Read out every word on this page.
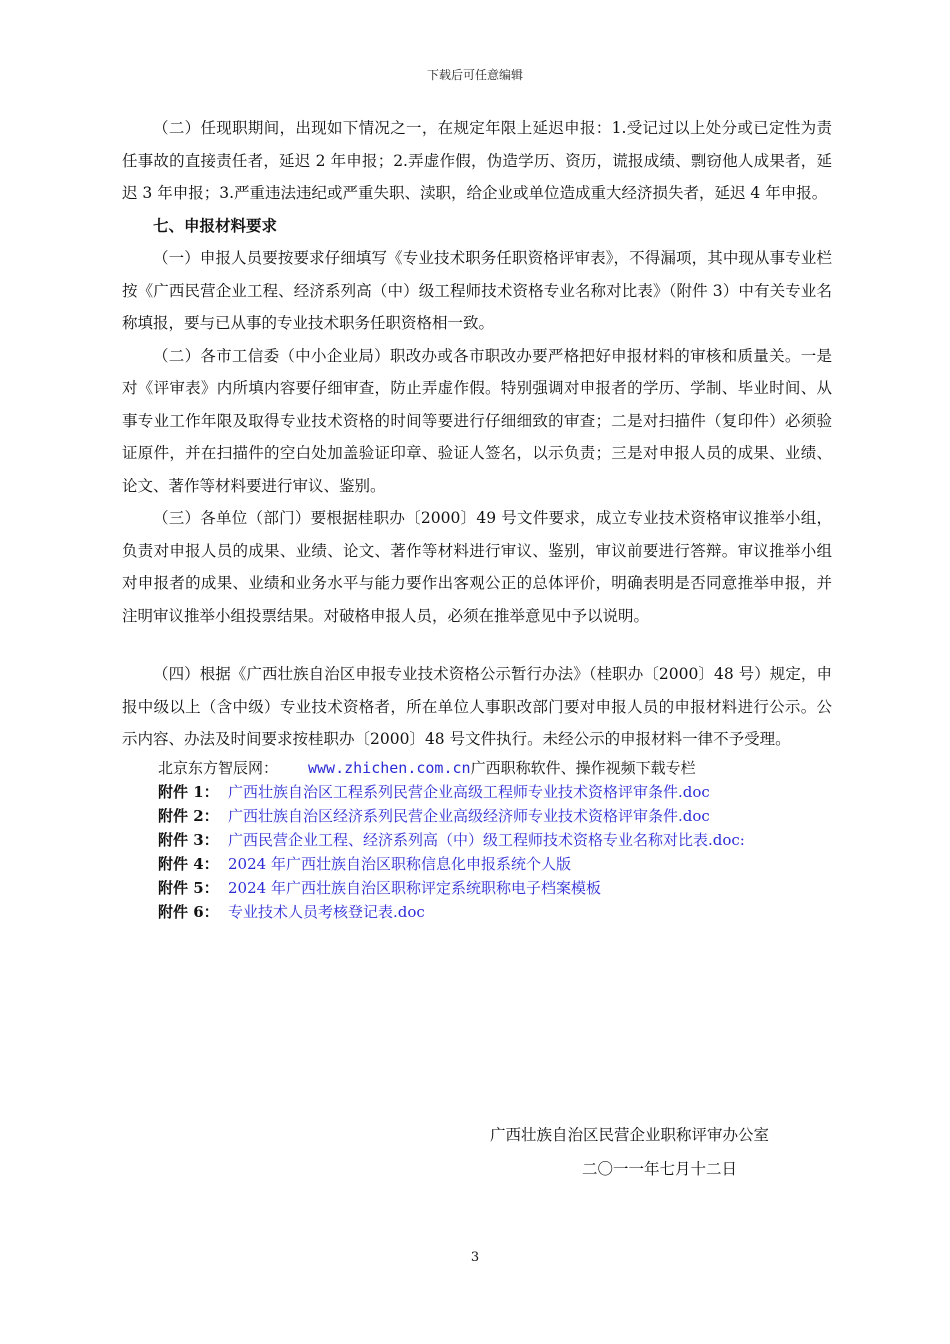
下载后可任意编辑

（二）任现职期间，出现如下情况之一，在规定年限上延迟申报：1.受记过以上处分或已定性为责任事故的直接责任者，延迟 2 年申报；2.弄虚作假，伪造学历、资历，谎报成绩、剽窃他人成果者，延迟 3 年申报；3.严重违法违纪或严重失职、渎职，给企业或单位造成重大经济损失者，延迟 4 年申报。

七、申报材料要求

（一）申报人员要按要求仔细填写《专业技术职务任职资格评审表》，不得漏项，其中现从事专业栏按《广西民营企业工程、经济系列高（中）级工程师技术资格专业名称对比表》（附件 3）中有关专业名称填报，要与已从事的专业技术职务任职资格相一致。

（二）各市工信委（中小企业局）职改办或各市职改办要严格把好申报材料的审核和质量关。一是对《评审表》内所填内容要仔细审查，防止弄虚作假。特别强调对申报者的学历、学制、毕业时间、从事专业工作年限及取得专业技术资格的时间等要进行仔细细致的审查；二是对扫描件（复印件）必须验证原件，并在扫描件的空白处加盖验证印章、验证人签名，以示负责；三是对申报人员的成果、业绩、论文、著作等材料要进行审议、鉴别。

（三）各单位（部门）要根据桂职办〔2000〕49 号文件要求，成立专业技术资格审议推举小组，负责对申报人员的成果、业绩、论文、著作等材料进行审议、鉴别，审议前要进行答辩。审议推举小组对申报者的成果、业绩和业务水平与能力要作出客观公正的总体评价，明确表明是否同意推举申报，并注明审议推举小组投票结果。对破格申报人员，必须在推举意见中予以说明。

（四）根据《广西壮族自治区申报专业技术资格公示暂行办法》（桂职办〔2000〕48 号）规定，申报中级以上（含中级）专业技术资格者，所在单位人事职改部门要对申报人员的申报材料进行公示。公示内容、办法及时间要求按桂职办〔2000〕48 号文件执行。未经公示的申报材料一律不予受理。

北京东方智辰网： www.zhichen.com.cn广西职称软件、操作视频下载专栏
附件 1： 广西壮族自治区工程系列民营企业高级工程师专业技术资格评审条件.doc
附件 2： 广西壮族自治区经济系列民营企业高级经济师专业技术资格评审条件.doc
附件 3： 广西民营企业工程、经济系列高（中）级工程师技术资格专业名称对比表.doc:
附件 4： 2024 年广西壮族自治区职称信息化申报系统个人版
附件 5： 2024 年广西壮族自治区职称评定系统职称电子档案模板
附件 6： 专业技术人员考核登记表.doc
广西壮族自治区民营企业职称评审办公室
二〇一一年七月十二日
3
